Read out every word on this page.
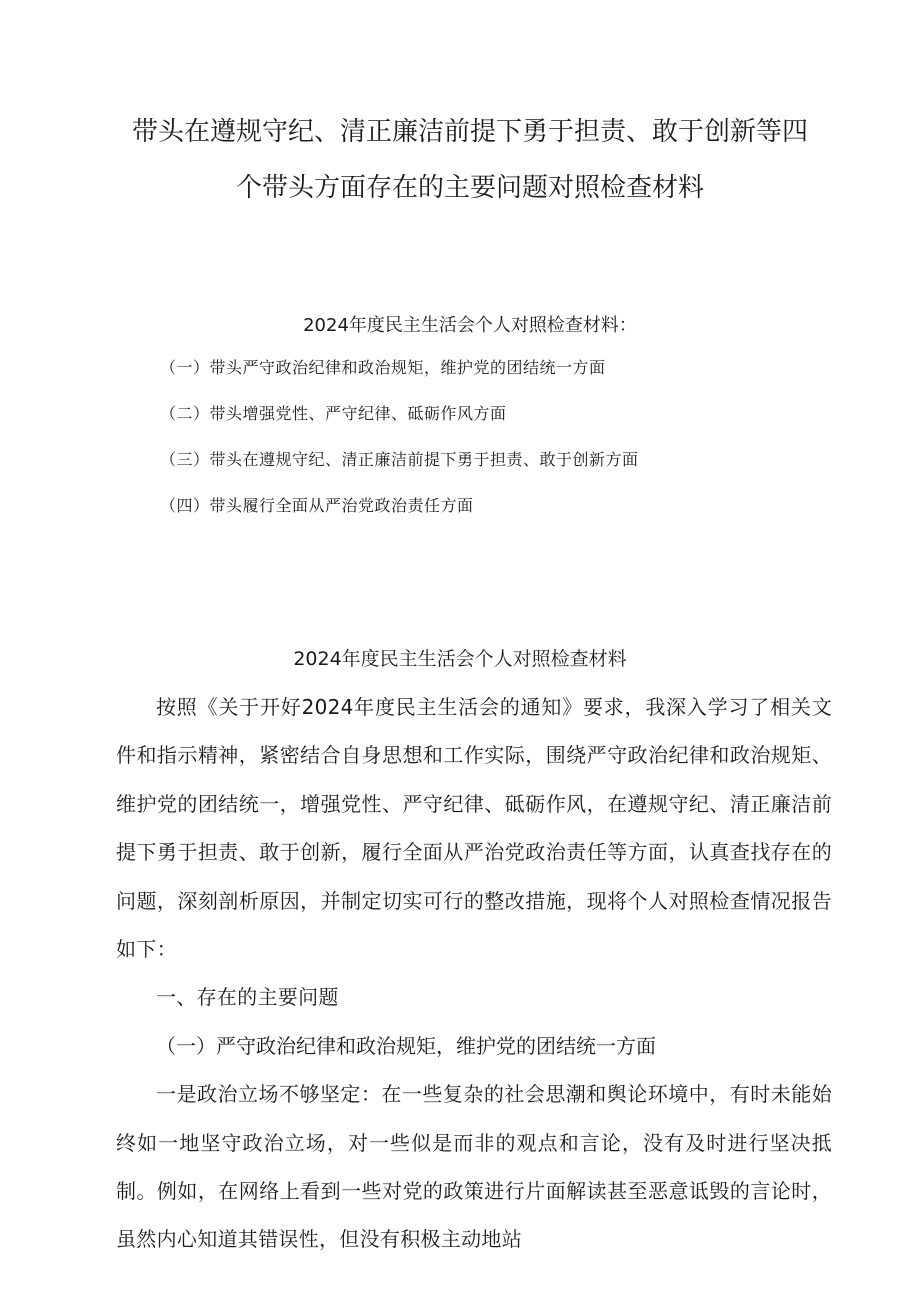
带头在遵规守纪、清正廉洁前提下勇于担责、敢于创新等四
个带头方面存在的主要问题对照检查材料
2024年度民主生活会个人对照检查材料：
（一）带头严守政治纪律和政治规矩，维护党的团结统一方面
（二）带头增强党性、严守纪律、砥砺作风方面
（三）带头在遵规守纪、清正廉洁前提下勇于担责、敢于创新方面
（四）带头履行全面从严治党政治责任方面
2024年度民主生活会个人对照检查材料

按照《关于开好2024年度民主生活会的通知》要求，我深入学习了相关文件和指示精神，紧密结合自身思想和工作实际，围绕严守政治纪律和政治规矩、维护党的团结统一，增强党性、严守纪律、砥砺作风，在遵规守纪、清正廉洁前提下勇于担责、敢于创新，履行全面从严治党政治责任等方面，认真查找存在的问题，深刻剖析原因，并制定切实可行的整改措施，现将个人对照检查情况报告如下：

一、存在的主要问题

（一）严守政治纪律和政治规矩，维护党的团结统一方面

一是政治立场不够坚定：在一些复杂的社会思潮和舆论环境中，有时未能始终如一地坚守政治立场，对一些似是而非的观点和言论，没有及时进行坚决抵制。例如，在网络上看到一些对党的政策进行片面解读甚至恶意诋毁的言论时，虽然内心知道其错误性，但没有积极主动地站
